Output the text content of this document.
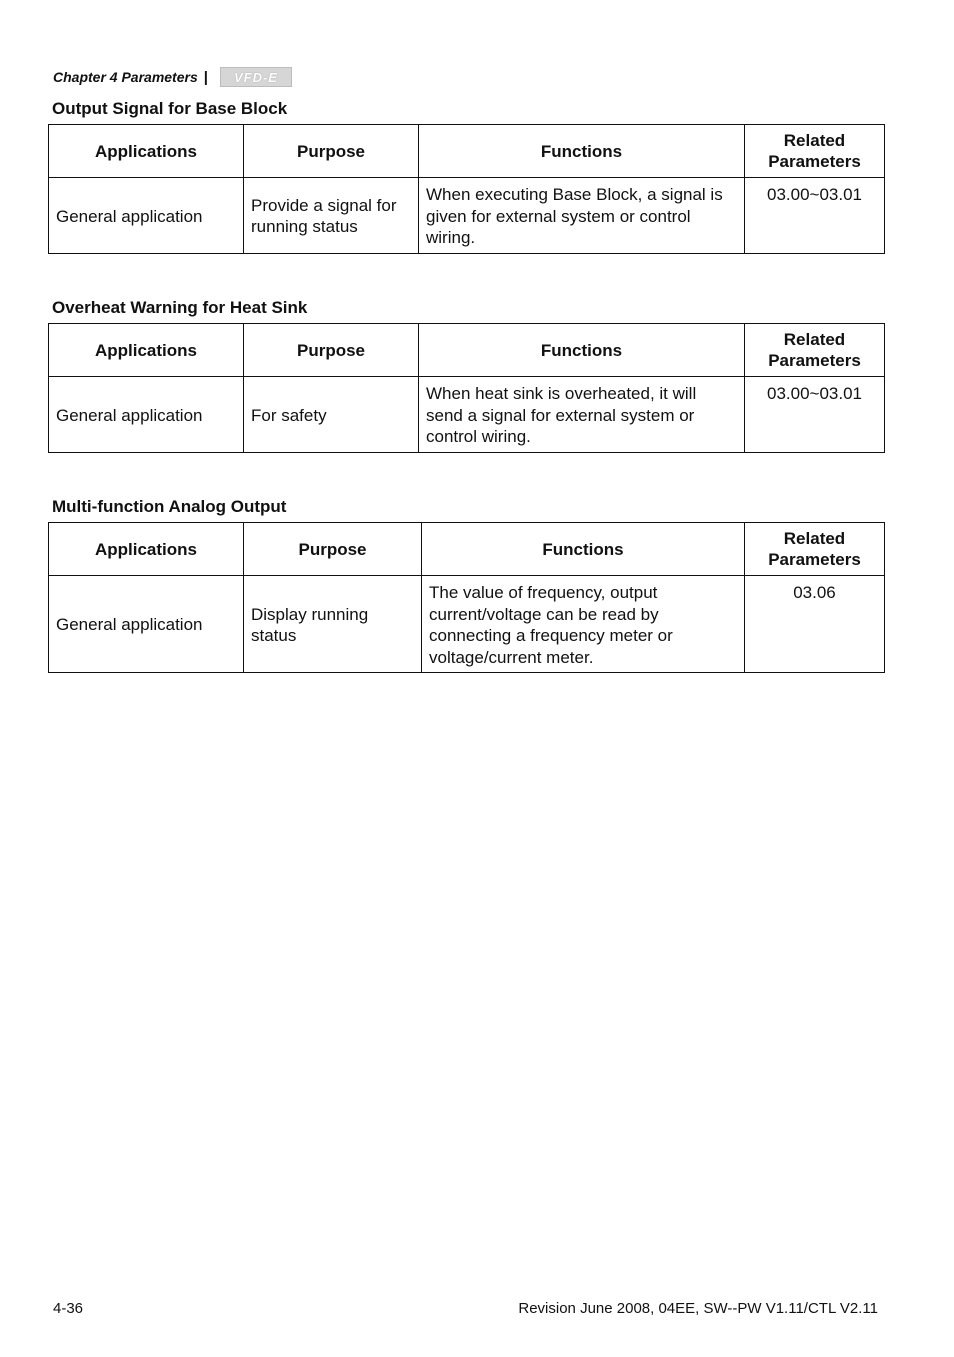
Chapter 4 Parameters |	VFD-E
Output Signal for Base Block
Applications	Purpose	Functions	Related Parameters
General application	Provide a signal for running status	When executing Base Block, a signal is given for external system or control wiring.	03.00~03.01
Overheat Warning for Heat Sink
Applications	Purpose	Functions	Related Parameters
General application	For safety	When heat sink is overheated, it will send a signal for external system or control wiring.	03.00~03.01
Multi-function Analog Output
Applications	Purpose	Functions	Related Parameters
General application	Display running status	The value of frequency, output current/voltage can be read by connecting a frequency meter or voltage/current meter.	03.06
4-36	Revision June 2008, 04EE, SW--PW V1.11/CTL V2.11
